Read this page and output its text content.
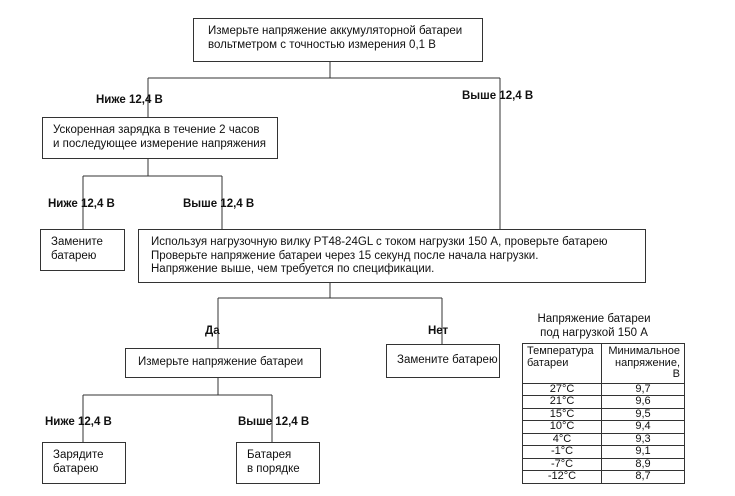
Измерьте напряжение аккумуляторной батареи
вольтметром с точностью измерения 0,1 В
Ускоренная зарядка в течение 2 часов
и последующее измерение напряжения
Замените
батарею
Используя нагрузочную вилку PT48-24GL с током нагрузки 150 А, проверьте батарею
Проверьте напряжение батареи через 15 секунд после начала нагрузки.
Напряжение выше, чем требуется по спецификации.
Измерьте напряжение батареи	Замените батарею
Зарядите
батарею
Батарея
в порядке
Ниже 12,4 В	Выше 12,4 В
Ниже 12,4 В	Выше 12,4 В
Да	Нет
Ниже 12,4 В	Выше 12,4 В
Напряжение батареи
под нагрузкой 150 А
Температура
батареи	Минимальное
напряжение, В

27°C	9,7
21°C	9,6
15°C	9,5
10°C	9,4
4°C	9,3
-1°C	9,1
-7°C	8,9
-12°C	8,7
